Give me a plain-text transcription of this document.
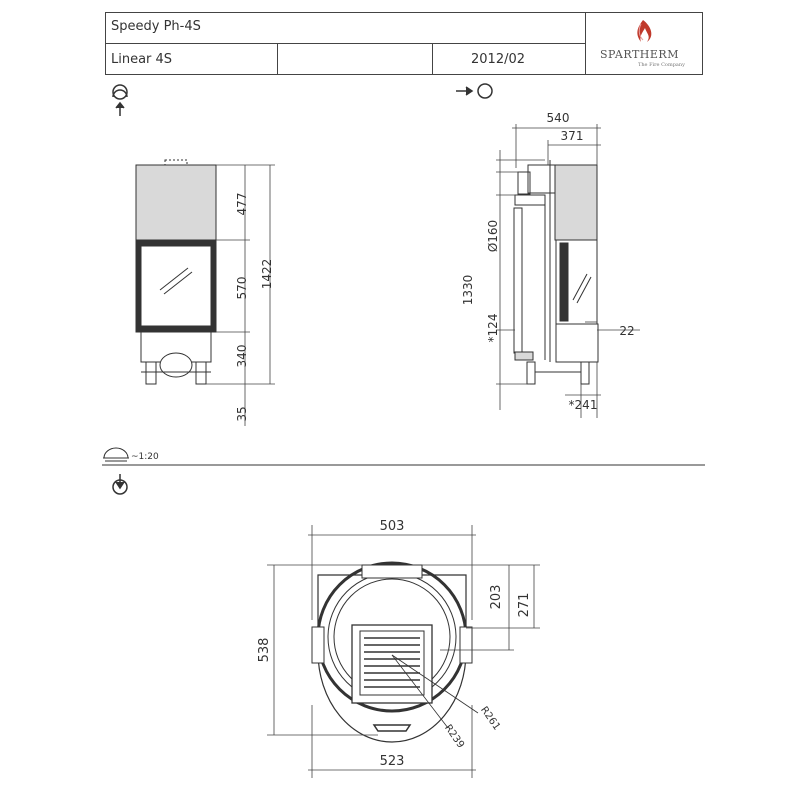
Speedy Ph-4S
Linear 4S	2012/02	SPARTHERM
The Fire Company
~1:20
477
570
340
1422
35
540
371
Ø160
1330
*124	22
*241
503
523
538
203 271
R261
R239
